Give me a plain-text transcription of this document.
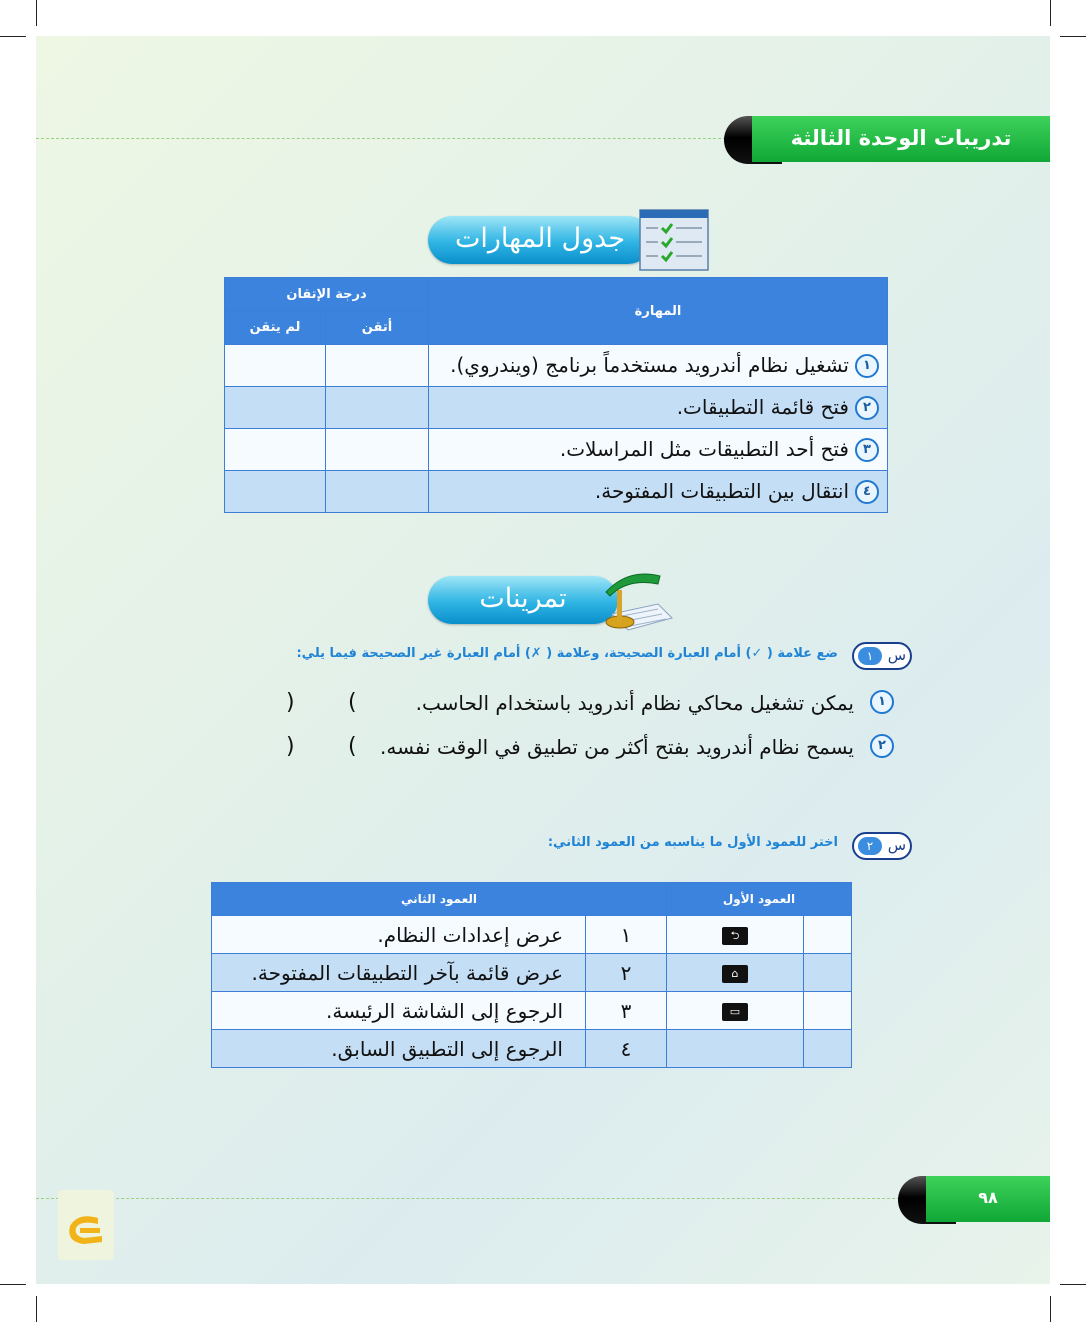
تدريبات الوحدة الثالثة
جدول المهارات
درجة الإتقان		المهارة
لم يتقن	أتقن	
		١تشغيل نظام أندرويد مستخدماً برنامج (ويندروي).
		٢فتح قائمة التطبيقات.
		٣فتح أحد التطبيقات مثل المراسلات.
		٤انتقال بين التطبيقات المفتوحة.
تمرينات
١ س
ضع علامة ( ✓) أمام العبارة الصحيحة، وعلامة ( ✗) أمام العبارة غير الصحيحة فيما يلي:
١
يمكن تشغيل محاكي نظام أندرويد باستخدام الحاسب.
(
)
٢
يسمح نظام أندرويد بفتح أكثر من تطبيق في الوقت نفسه.
(
)
٢ س
اختر للعمود الأول ما يناسبه من العمود الثاني:
العمود الثاني		العمود الأول	
عرض إعدادات النظام.	١	⮌	
عرض قائمة بآخر التطبيقات المفتوحة.	٢	⌂	
الرجوع إلى الشاشة الرئيسة.	٣	▭	
الرجوع إلى التطبيق السابق.	٤		
٩٨
